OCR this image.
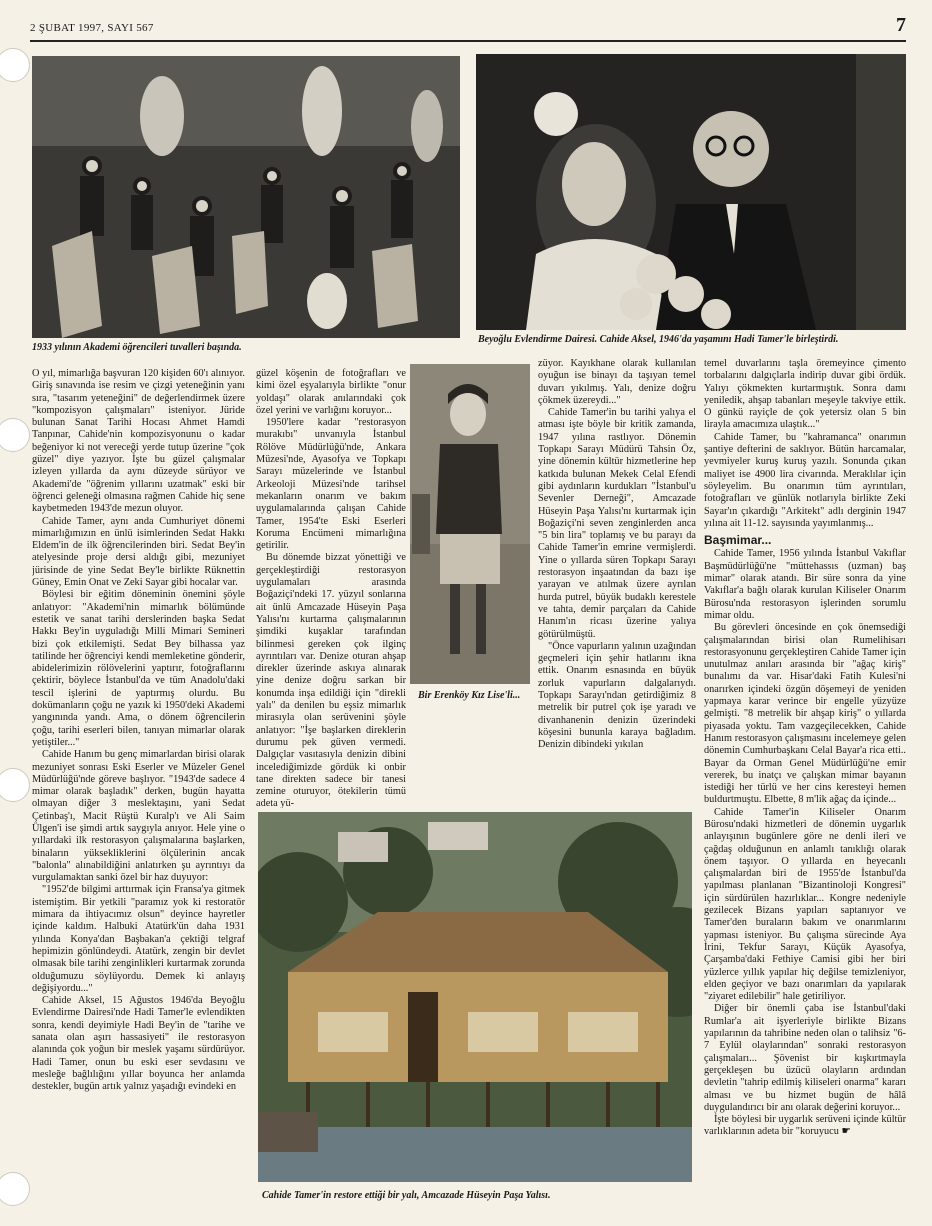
2 ŞUBAT 1997, SAYI 567	7
1933 yılının Akademi öğrencileri tuvalleri başında.
Beyoğlu Evlendirme Dairesi. Cahide Aksel, 1946'da yaşamını Hadi Tamer'le birleştirdi.

O yıl, mimarlığa başvuran 120 kişiden 60'ı alınıyor. Giriş sınavında ise resim ve çizgi yeteneğinin yanı sıra, "tasarım yeteneğini" de değerlendirmek üzere "kompozisyon çalışmaları" isteniyor. Jüride bulunan Sanat Tarihi Hocası Ahmet Hamdi Tanpınar, Cahide'nin kompozisyonunu o kadar beğeniyor ki not vereceği yerde tutup üzerine "çok güzel" diye yazıyor. İşte bu güzel çalışmalar izleyen yıllarda da aynı düzeyde sürüyor ve Akademi'de "öğrenim yıllarını uzatmak" eski bir öğrenci geleneği olmasına rağmen Cahide hiç sene kaybetmeden 1943'de mezun oluyor.

Cahide Tamer, aynı anda Cumhuriyet dönemi mimarlığımızın en ünlü isimlerinden Sedat Hakkı Eldem'in de ilk öğrencilerinden biri. Sedat Bey'in atelyesinde proje dersi aldığı gibi, mezuniyet jürisinde de yine Sedat Bey'le birlikte Rüknettin Güney, Emin Onat ve Zeki Sayar gibi hocalar var.

Böylesi bir eğitim döneminin önemini şöyle anlatıyor: "Akademi'nin mimarlık bölümünde estetik ve sanat tarihi derslerinden başka Sedat Hakkı Bey'in uyguladığı Milli Mimari Semineri bizi çok etkilemişti. Sedat Bey bilhassa yaz tatilinde her öğrenciyi kendi memleketine gönderir, abidelerimizin rölövelerini yaptırır, fotoğraflarını çektirir, böylece İstanbul'da ve tüm Anadolu'daki tescil işlerini de yaptırmış olurdu. Bu dokümanların çoğu ne yazık ki 1950'deki Akademi yangınında yandı. Ama, o dönem öğrencilerin çoğu, tarihi eserleri bilen, tanıyan mimarlar olarak yetiştiler..."

Cahide Hanım bu genç mimarlardan birisi olarak mezuniyet sonrası Eski Eserler ve Müzeler Genel Müdürlüğü'nde göreve başlıyor. "1943'de sadece 4 mimar olarak başladık" derken, bugün hayatta olmayan diğer 3 meslektaşını, yani Sedat Çetinbaş'ı, Macit Rüştü Kuralp'ı ve Ali Saim Ülgen'i ise şimdi artık saygıyla anıyor. Hele yine o yıllardaki ilk restorasyon çalışmalarına başlarken, binaların yüksekliklerini ölçülerinin ancak "balonla" alınabildiğini anlatırken şu ayrıntıyı da vurgulamaktan sanki özel bir haz duyuyor:

"1952'de bilgimi arttırmak için Fransa'ya gitmek istemiştim. Bir yetkili "paramız yok ki restoratör mimara da ihtiyacımız olsun" deyince hayretler içinde kaldım. Halbuki Atatürk'ün daha 1931 yılında Konya'dan Başbakan'a çektiği telgraf hepimizin gönlündeydi. Atatürk, zengin bir devlet olmasak bile tarihi zenginlikleri kurtarmak zorunda olduğumuzu söylüyordu. Demek ki anlayış değişiyordu..."

Cahide Aksel, 15 Ağustos 1946'da Beyoğlu Evlendirme Dairesi'nde Hadi Tamer'le evlendikten sonra, kendi deyimiyle Hadi Bey'in de "tarihe ve sanata olan aşırı hassasiyeti" ile restorasyon alanında çok yoğun bir meslek yaşamı sürdürüyor. Hadi Tamer, onun bu eski eser sevdasını ve mesleğe bağlılığını yıllar boyunca her anlamda destekler, bugün artık yalnız yaşadığı evindeki en

güzel köşenin de fotoğrafları ve kimi özel eşyalarıyla birlikte "onur yoldaşı" olarak anılarındaki çok özel yerini ve varlığını koruyor...

1950'lere kadar "restorasyon murakıbı" unvanıyla İstanbul Rölöve Müdürlüğü'nde, Ankara Müzesi'nde, Ayasofya ve Topkapı Sarayı müzelerinde ve İstanbul Arkeoloji Müzesi'nde tarihsel mekanların onarım ve bakım uygulamalarında çalışan Cahide Tamer, 1954'te Eski Eserleri Koruma Encümeni mimarlığına getirilir.

Bu dönemde bizzat yönettiği ve gerçekleştirdiği restorasyon uygulamaları arasında Boğaziçi'ndeki 17. yüzyıl sonlarına ait ünlü Amcazade Hüseyin Paşa Yalısı'nı kurtarma çalışmalarının şimdiki kuşaklar tarafından bilinmesi gereken çok ilginç ayrıntıları var. Denize oturan ahşap direkler üzerinde askıya alınarak yine denize doğru sarkan bir konumda inşa edildiği için "direkli yalı" da denilen bu eşsiz mimarlık mirasıyla olan serüvenini şöyle anlatıyor: "İşe başlarken direklerin durumu pek güven vermedi. Dalgıçlar vasıtasıyla denizin dibini incelediğimizde gördük ki onbir tane direkten sadece bir tanesi zemine oturuyor, ötekilerin tümü adeta yü-

Bir Erenköy Kız Lise'li...

züyor. Kayıkhane olarak kullanılan oyuğun ise binayı da taşıyan temel duvarı yıkılmış. Yalı, denize doğru çökmek üzereydi..."

Cahide Tamer'in bu tarihi yalıya el atması işte böyle bir kritik zamanda, 1947 yılına rastlıyor. Dönemin Topkapı Sarayı Müdürü Tahsin Öz, yine dönemin kültür hizmetlerine hep katkıda bulunan Mekek Celal Efendi gibi aydınların kurdukları "İstanbul'u Sevenler Derneği", Amcazade Hüseyin Paşa Yalısı'nı kurtarmak için Boğaziçi'ni seven zenginlerden anca "5 bin lira" toplamış ve bu parayı da Cahide Tamer'in emrine vermişlerdi. Yine o yıllarda süren Topkapı Sarayı restorasyon inşaatından da bazı işe yarayan ve atılmak üzere ayrılan hurda putrel, büyük budaklı kerestele ve tahta, demir parçaları da Cahide Hanım'ın ricası üzerine yalıya götürülmüştü.

"Önce vapurların yalının uzağından geçmeleri için şehir hatlarını ikna ettik. Onarım esnasında en büyük zorluk vapurların dalgalarıydı. Topkapı Sarayı'ndan getirdiğimiz 8 metrelik bir putrel çok işe yaradı ve divanhanenin denizin üzerindeki köşesini bununla karaya bağladım. Denizin dibindeki yıkılan

temel duvarlarını taşla öremeyince çimento torbalarını dalgıçlarla indirip duvar gibi ördük. Yalıyı çökmekten kurtarmıştık. Sonra damı yeniledik, ahşap tabanları meşeyle takviye ettik. O günkü rayiçle de çok yetersiz olan 5 bin lirayla amacımıza ulaştık..."

Cahide Tamer, bu "kahramanca" onarımın şantiye defterini de saklıyor. Bütün harcamalar, yevmiyeler kuruş kuruş yazılı. Sonunda çıkan maliyet ise 4900 lira civarında. Meraklılar için söyleyelim. Bu onarımın tüm ayrıntıları, fotoğrafları ve günlük notlarıyla birlikte Zeki Sayar'ın çıkardığı "Arkitekt" adlı derginin 1947 yılına ait 11-12. sayısında yayımlanmış...

Başmimar...

Cahide Tamer, 1956 yılında İstanbul Vakıflar Başmüdürlüğü'ne "müttehassıs (uzman) baş mimar" olarak atandı. Bir süre sonra da yine Vakıflar'a bağlı olarak kurulan Kiliseler Onarım Bürosu'nda restorasyon işlerinden sorumlu mimar oldu.

Bu görevleri öncesinde en çok önemsediği çalışmalarından birisi olan Rumelihisarı restorasyonunu gerçekleştiren Cahide Tamer için unutulmaz anıları arasında bir "ağaç kiriş" bunalımı da var. Hisar'daki Fatih Kulesi'ni onarırken içindeki özgün döşemeyi de yeniden yapmaya karar verince bir engelle yüzyüze gelmişti. "8 metrelik bir ahşap kiriş" o yıllarda piyasada yoktu. Tam vazgeçilecekken, Cahide Hanım restorasyon çalışmasını incelemeye gelen dönemin Cumhurbaşkanı Celal Bayar'a rica etti.. Bayar da Orman Genel Müdürlüğü'ne emir vererek, bu inatçı ve çalışkan mimar bayanın istediği her türlü ve her cins keresteyi hemen buldurtmuştu. Elbette, 8 m'lik ağaç da içinde...

Cahide Tamer'in Kiliseler Onarım Bürosu'ndaki hizmetleri de dönemin uygarlık anlayışının bugünlere göre ne denli ileri ve çağdaş olduğunun en anlamlı tanıklığı olarak önem taşıyor. O yıllarda en heyecanlı çalışmalardan biri de 1955'de İstanbul'da yapılması planlanan "Bizantinoloji Kongresi" için sürdürülen hazırlıklar... Kongre nedeniyle gezilecek Bizans yapıları saptanıyor ve Tamer'den buraların bakım ve onarımlarını yapması isteniyor. Bu çalışma sürecinde Aya İrini, Tekfur Sarayı, Küçük Ayasofya, Çarşamba'daki Fethiye Camisi gibi her biri yüzlerce yıllık yapılar hiç değilse temizleniyor, elden geçiyor ve bazı onarımları da yapılarak "ziyaret edilebilir" hale getiriliyor.

Diğer bir önemli çaba ise İstanbul'daki Rumlar'a ait işyerleriyle birlikte Bizans yapılarının da tahribine neden olan o talihsiz "6-7 Eylül olaylarından" sonraki restorasyon çalışmaları... Şövenist bir kışkırtmayla gerçekleşen bu üzücü olayların ardından devletin "tahrip edilmiş kiliseleri onarma" kararı alması ve bu hizmet bugün de hâlâ duygulandırıcı bir anı olarak değerini koruyor...

İşte böylesi bir uygarlık serüveni içinde kültür varlıklarının adeta bir "koruyucu ☛

Cahide Tamer'in restore ettiği bir yalı, Amcazade Hüseyin Paşa Yalısı.
